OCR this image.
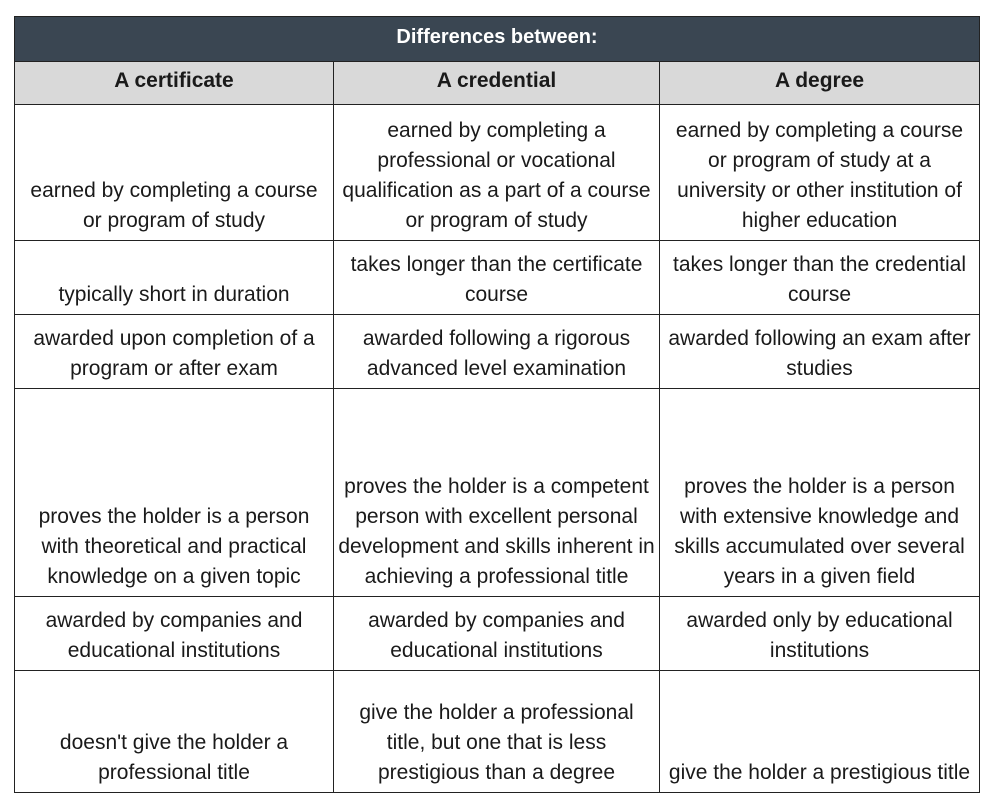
Differences between:		
A certificate	A credential	A degree
earned by completing a course or program of study	earned by completing a professional or vocational qualification as a part of a course or program of study	earned by completing a course or program of study at a university or other institution of higher education
typically short in duration	takes longer than the certificate course	takes longer than the credential course
awarded upon completion of a program or after exam	awarded following a rigorous advanced level examination	awarded following an exam after studies
proves the holder is a person with theoretical and practical knowledge on a given topic	proves the holder is a competent person with excellent personal development and skills inherent in achieving a professional title	proves the holder is a person with extensive knowledge and skills accumulated over several years in a given field
awarded by companies and educational institutions	awarded by companies and educational institutions	awarded only by educational institutions
doesn't give the holder a professional title	give the holder a professional title, but one that is less prestigious than a degree	give the holder a prestigious title
